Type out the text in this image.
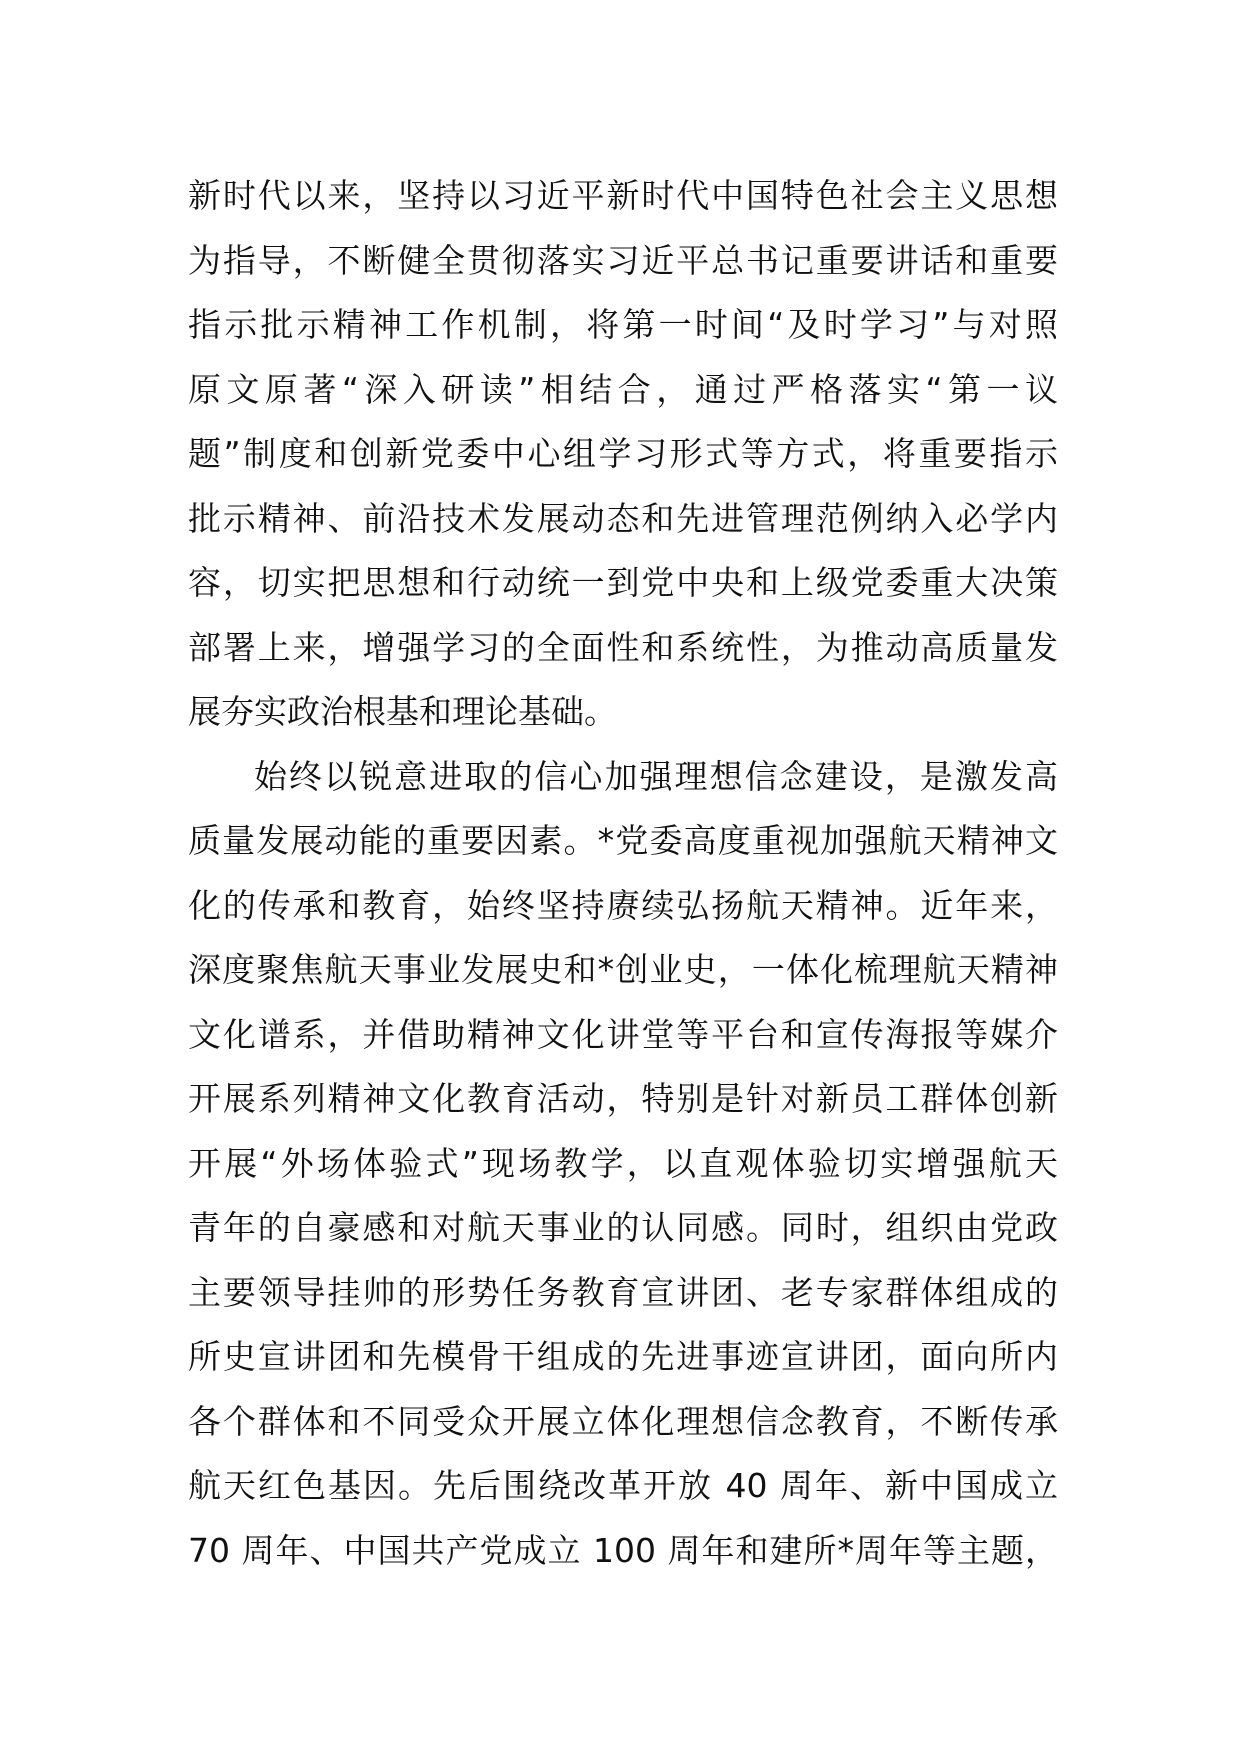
新时代以来，坚持以习近平新时代中国特色社会主义思想
为指导，不断健全贯彻落实习近平总书记重要讲话和重要
指示批示精神工作机制，将第一时间“及时学习”与对照
原文原著“深入研读”相结合，通过严格落实“第一议
题”制度和创新党委中心组学习形式等方式，将重要指示
批示精神、前沿技术发展动态和先进管理范例纳入必学内
容，切实把思想和行动统一到党中央和上级党委重大决策
部署上来，增强学习的全面性和系统性，为推动高质量发
展夯实政治根基和理论基础。
始终以锐意进取的信心加强理想信念建设，是激发高
质量发展动能的重要因素。*党委高度重视加强航天精神文
化的传承和教育，始终坚持赓续弘扬航天精神。近年来，
深度聚焦航天事业发展史和*创业史，一体化梳理航天精神
文化谱系，并借助精神文化讲堂等平台和宣传海报等媒介
开展系列精神文化教育活动，特别是针对新员工群体创新
开展“外场体验式”现场教学，以直观体验切实增强航天
青年的自豪感和对航天事业的认同感。同时，组织由党政
主要领导挂帅的形势任务教育宣讲团、老专家群体组成的
所史宣讲团和先模骨干组成的先进事迹宣讲团，面向所内
各个群体和不同受众开展立体化理想信念教育，不断传承
航天红色基因。先后围绕改革开放 40 周年、新中国成立
70 周年、中国共产党成立 100 周年和建所*周年等主题，
